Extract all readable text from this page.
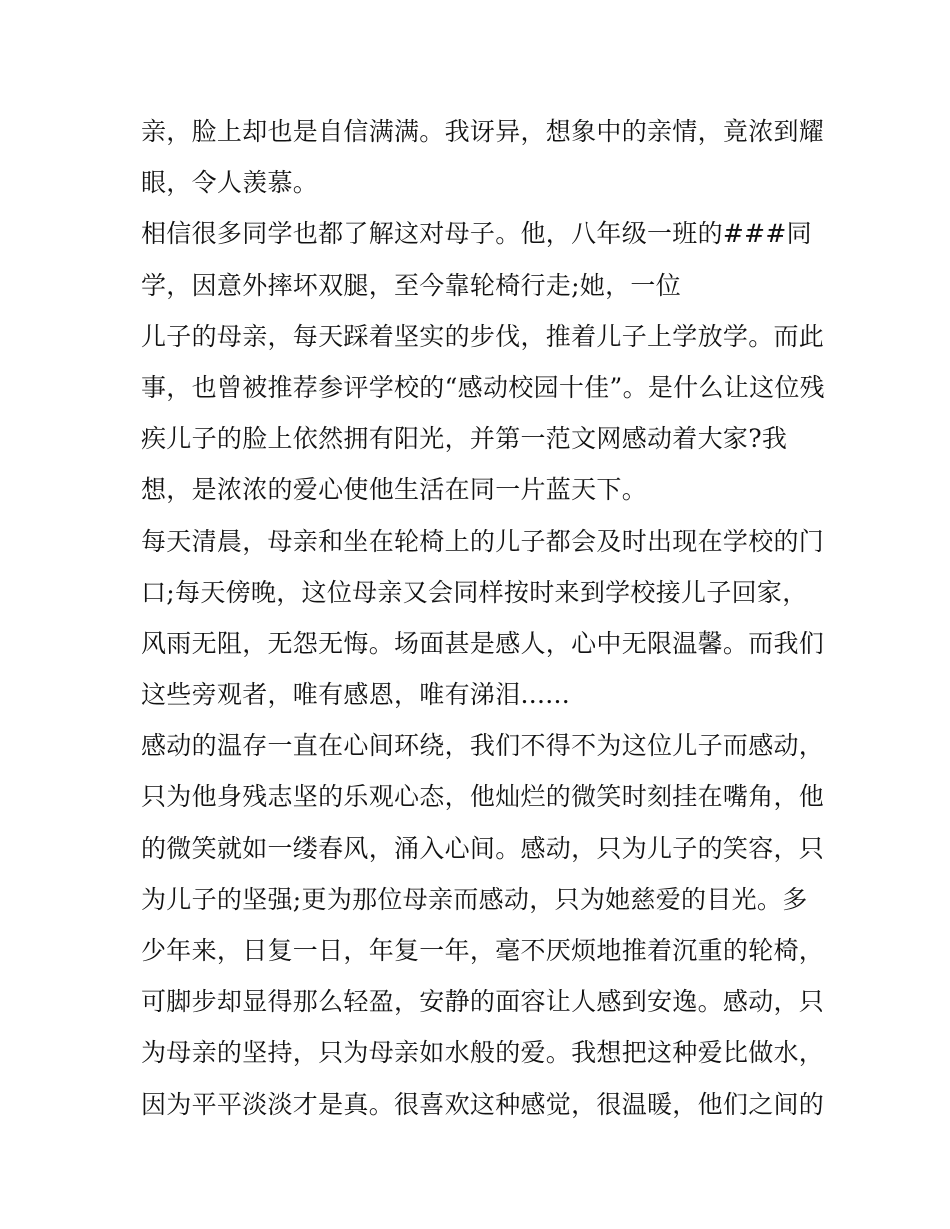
亲，脸上却也是自信满满。我讶异，想象中的亲情，竟浓到耀
眼，令人羡慕。
相信很多同学也都了解这对母子。他，八年级一班的###同
学，因意外摔坏双腿，至今靠轮椅行走;她，一位
儿子的母亲，每天踩着坚实的步伐，推着儿子上学放学。而此
事，也曾被推荐参评学校的“感动校园十佳”。是什么让这位残
疾儿子的脸上依然拥有阳光，并第一范文网感动着大家?我
想，是浓浓的爱心使他生活在同一片蓝天下。
每天清晨，母亲和坐在轮椅上的儿子都会及时出现在学校的门
口;每天傍晚，这位母亲又会同样按时来到学校接儿子回家，
风雨无阻，无怨无悔。场面甚是感人，心中无限温馨。而我们
这些旁观者，唯有感恩，唯有涕泪......
感动的温存一直在心间环绕，我们不得不为这位儿子而感动，
只为他身残志坚的乐观心态，他灿烂的微笑时刻挂在嘴角，他
的微笑就如一缕春风，涌入心间。感动，只为儿子的笑容，只
为儿子的坚强;更为那位母亲而感动，只为她慈爱的目光。多
少年来，日复一日，年复一年，毫不厌烦地推着沉重的轮椅，
可脚步却显得那么轻盈，安静的面容让人感到安逸。感动，只
为母亲的坚持，只为母亲如水般的爱。我想把这种爱比做水，
因为平平淡淡才是真。很喜欢这种感觉，很温暖，他们之间的
